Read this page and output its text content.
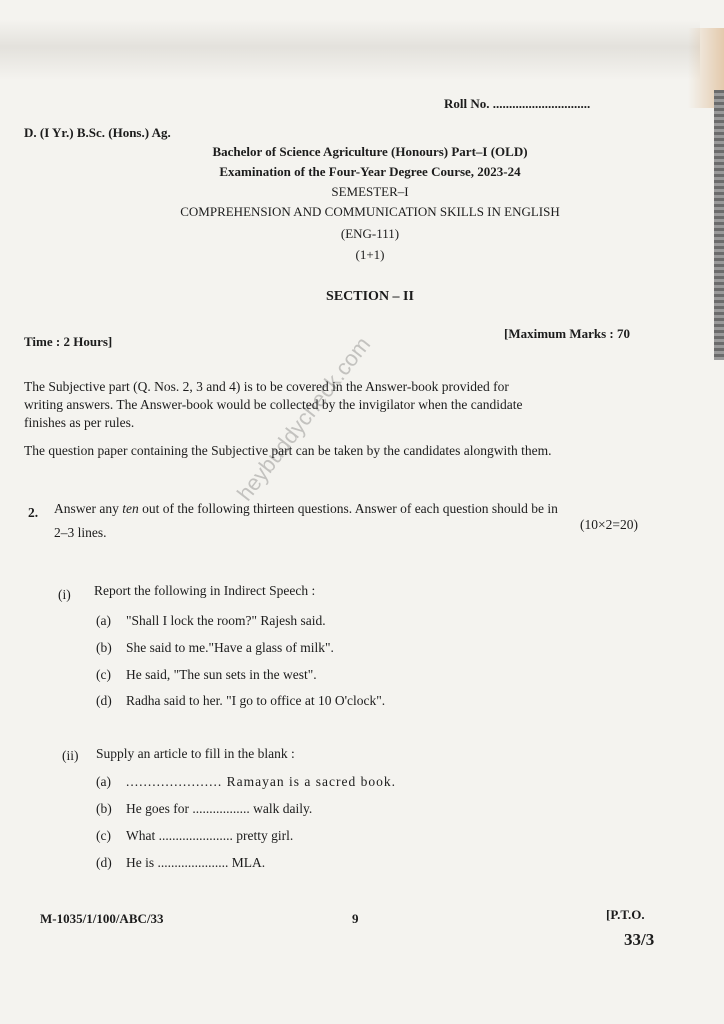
Roll No. ..............................
D. (I Yr.) B.Sc. (Hons.) Ag.
Bachelor of Science Agriculture (Honours) Part–I (OLD)
Examination of the Four-Year Degree Course, 2023-24
SEMESTER–I
COMPREHENSION AND COMMUNICATION SKILLS IN ENGLISH
(ENG-111)
(1+1)
SECTION – II
Time : 2 Hours]
[Maximum Marks : 70
The Subjective part (Q. Nos. 2, 3 and 4) is to be covered in the Answer-book provided for
writing answers. The Answer-book would be collected by the invigilator when the candidate
finishes as per rules.
The question paper containing the Subjective part can be taken by the candidates alongwith them.
2. Answer any ten out of the following thirteen questions. Answer of each question should be in
2–3 lines.
(10×2=20)
(i) Report the following in Indirect Speech :
(a) "Shall I lock the room?" Rajesh said.
(b) She said to me."Have a glass of milk".
(c) He said, "The sun sets in the west".
(d) Radha said to her. "I go to office at 10 O'clock".
(ii) Supply an article to fill in the blank :
(a) ...................... Ramayan is a sacred book.
(b) He goes for ................. walk daily.
(c) What ...................... pretty girl.
(d) He is ..................... MLA.
M-1035/1/100/ABC/33	9	[P.T.O.
33/3
heybuddycheck.com
